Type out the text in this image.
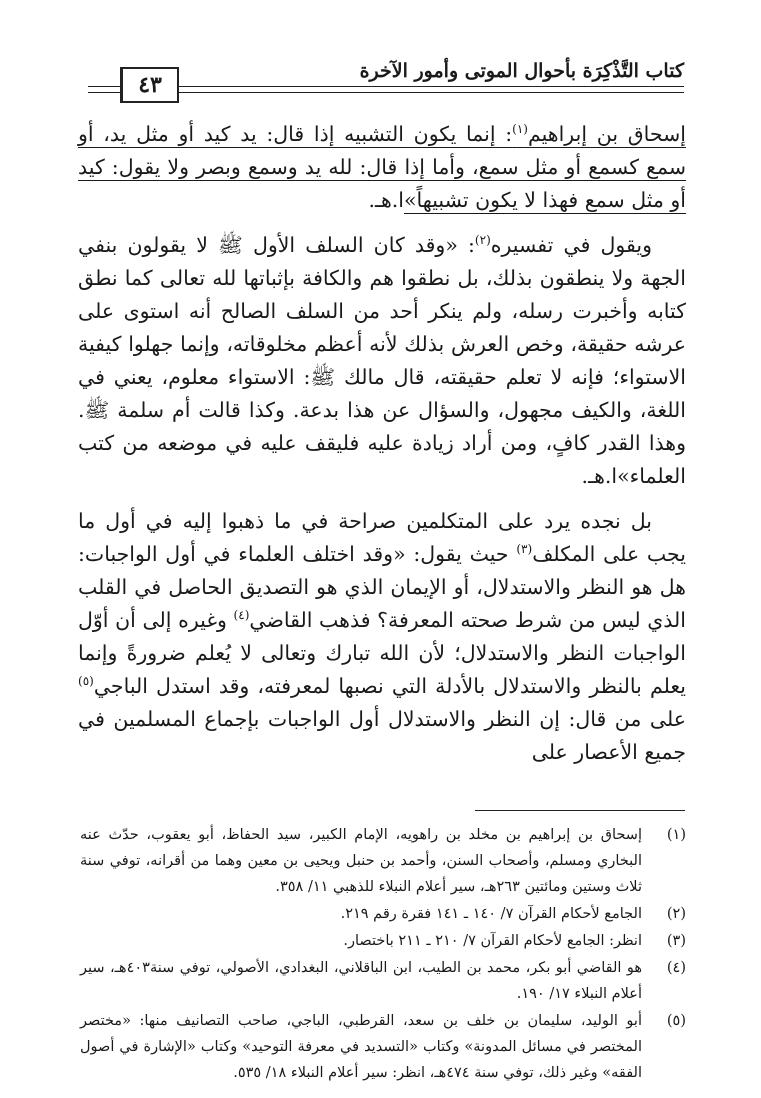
كتاب التَّذْكِرَة بأحوال الموتى وأمور الآخرة
٤٣

إسحاق بن إبراهيم$^{(١)}$: إنما يكون التشبيه إذا قال: يد كيد أو مثل يد، أو سمع كسمع أو مثل سمع، وأما إذا قال: لله يد وسمع وبصر ولا يقول: كيد أو مثل سمع فهذا لا يكون تشبيهاً»ا.هـ.

ويقول في تفسيره$^{(٢)}$: «وقد كان السلف الأول ﷺ لا يقولون بنفي الجهة ولا ينطقون بذلك، بل نطقوا هم والكافة بإثباتها لله تعالى كما نطق كتابه وأخبرت رسله، ولم ينكر أحد من السلف الصالح أنه استوى على عرشه حقيقة، وخص العرش بذلك لأنه أعظم مخلوقاته، وإنما جهلوا كيفية الاستواء؛ فإنه لا تعلم حقيقته، قال مالك ﷺ: الاستواء معلوم، يعني في اللغة، والكيف مجهول، والسؤال عن هذا بدعة. وكذا قالت أم سلمة ﷺ. وهذا القدر كافٍ، ومن أراد زيادة عليه فليقف عليه في موضعه من كتب العلماء»ا.هـ.

بل نجده يرد على المتكلمين صراحة في ما ذهبوا إليه في أول ما يجب على المكلف$^{(٣)}$ حيث يقول: «وقد اختلف العلماء في أول الواجبات: هل هو النظر والاستدلال، أو الإيمان الذي هو التصديق الحاصل في القلب الذي ليس من شرط صحته المعرفة؟ فذهب القاضي$^{(٤)}$ وغيره إلى أن أوّل الواجبات النظر والاستدلال؛ لأن الله تبارك وتعالى لا يُعلم ضرورةً وإنما يعلم بالنظر والاستدلال بالأدلة التي نصبها لمعرفته، وقد استدل الباجي$^{(٥)}$ على من قال: إن النظر والاستدلال أول الواجبات بإجماع المسلمين في جميع الأعصار على

(١)
إسحاق بن إبراهيم بن مخلد بن راهويه، الإمام الكبير، سيد الحفاظ، أبو يعقوب، حدّث عنه البخاري ومسلم، وأصحاب السنن، وأحمد بن حنبل ويحيى بن معين وهما من أقرانه، توفي سنة ثلاث وستين ومائتين ٢٦٣هـ، سير أعلام النبلاء للذهبي ١١/ ٣٥٨.
(٢)
الجامع لأحكام القرآن ٧/ ١٤٠ ـ ١٤١ فقرة رقم ٢١٩.
(٣)
انظر: الجامع لأحكام القرآن ٧/ ٢١٠ ـ ٢١١ باختصار.
(٤)
هو القاضي أبو بكر، محمد بن الطيب، ابن الباقلاني، البغدادي، الأصولي، توفي سنة٤٠٣هـ، سير أعلام النبلاء ١٧/ ١٩٠.
(٥)
أبو الوليد، سليمان بن خلف بن سعد، القرطبي، الباجي، صاحب التصانيف منها: «مختصر المختصر في مسائل المدونة» وكتاب «التسديد في معرفة التوحيد» وكتاب «الإشارة في أصول الفقه» وغير ذلك، توفي سنة ٤٧٤هـ، انظر: سير أعلام النبلاء ١٨/ ٥٣٥.
